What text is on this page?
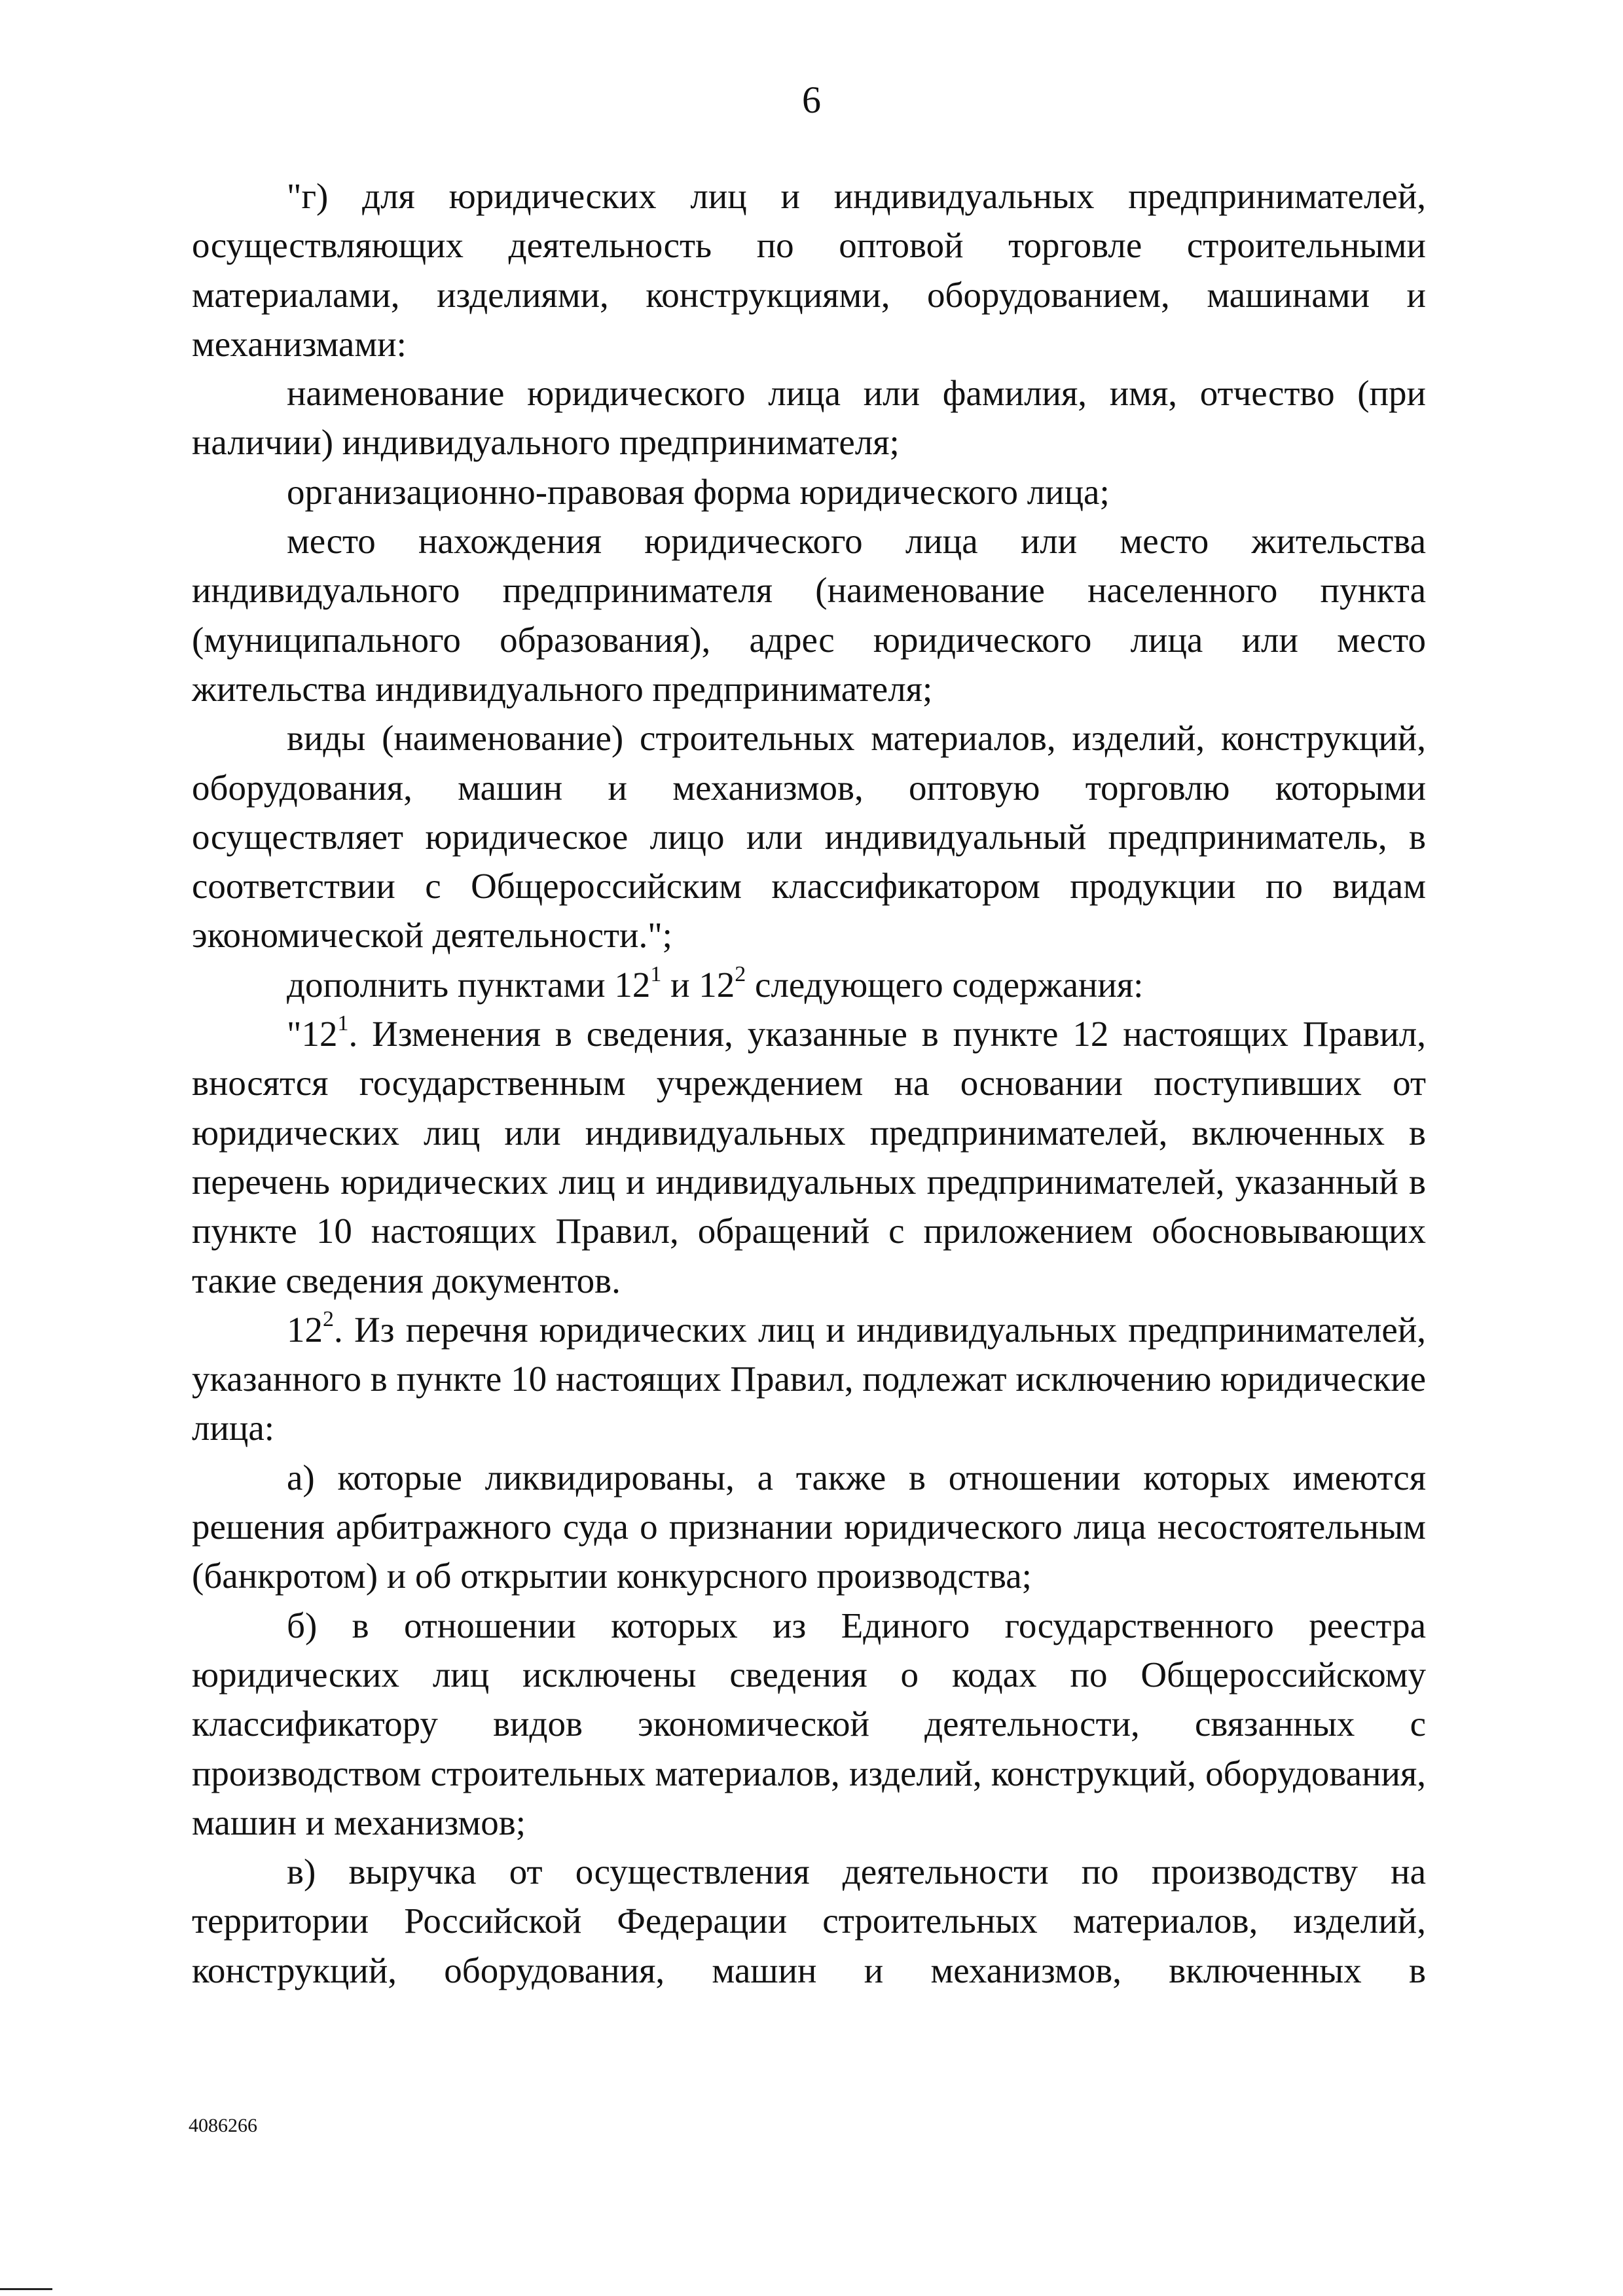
6

"г) для юридических лиц и индивидуальных предпринимателей, осуществляющих деятельность по оптовой торговле строительными материалами, изделиями, конструкциями, оборудованием, машинами и механизмами:

наименование юридического лица или фамилия, имя, отчество (при наличии) индивидуального предпринимателя;

организационно-правовая форма юридического лица;

место нахождения юридического лица или место жительства индивидуального предпринимателя (наименование населенного пункта (муниципального образования), адрес юридического лица или место жительства индивидуального предпринимателя;

виды (наименование) строительных материалов, изделий, конструкций, оборудования, машин и механизмов, оптовую торговлю которыми осуществляет юридическое лицо или индивидуальный предприниматель, в соответствии с Общероссийским классификатором продукции по видам экономической деятельности.";

дополнить пунктами $12^1$ и $12^2$ следующего содержания:

"$12^1$. Изменения в сведения, указанные в пункте 12 настоящих Правил, вносятся государственным учреждением на основании поступивших от юридических лиц или индивидуальных предпринимателей, включенных в перечень юридических лиц и индивидуальных предпринимателей, указанный в пункте 10 настоящих Правил, обращений с приложением обосновывающих такие сведения документов.

$12^2$. Из перечня юридических лиц и индивидуальных предпринимателей, указанного в пункте 10 настоящих Правил, подлежат исключению юридические лица:

а) которые ликвидированы, а также в отношении которых имеются решения арбитражного суда о признании юридического лица несостоятельным (банкротом) и об открытии конкурсного производства;

б) в отношении которых из Единого государственного реестра юридических лиц исключены сведения о кодах по Общероссийскому классификатору видов экономической деятельности, связанных с производством строительных материалов, изделий, конструкций, оборудования, машин и механизмов;

в) выручка от осуществления деятельности по производству на территории Российской Федерации строительных материалов, изделий, конструкций, оборудования, машин и механизмов, включенных в

4086266
